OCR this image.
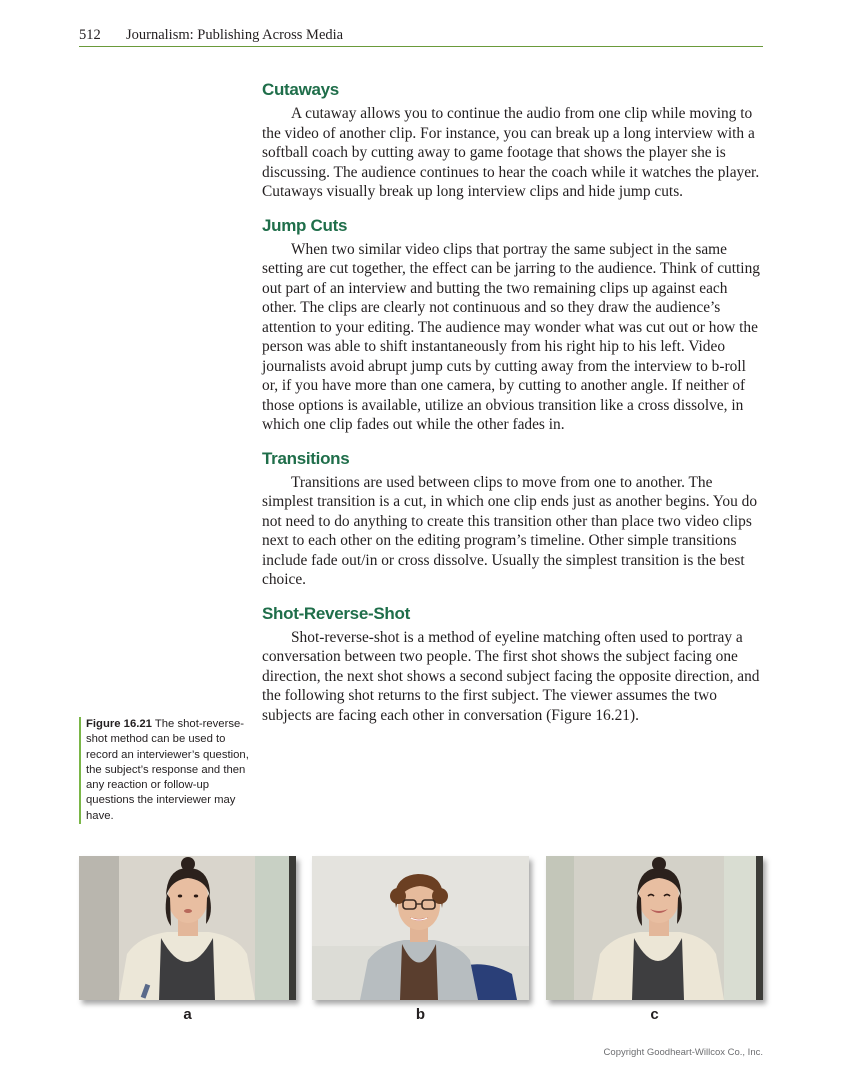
512 Journalism: Publishing Across Media
Cutaways

A cutaway allows you to continue the audio from one clip while moving to the video of another clip. For instance, you can break up a long interview with a softball coach by cutting away to game footage that shows the player she is discussing. The audience continues to hear the coach while it watches the player. Cutaways visually break up long interview clips and hide jump cuts.

Jump Cuts

When two similar video clips that portray the same subject in the same setting are cut together, the effect can be jarring to the audience. Think of cutting out part of an interview and butting the two remaining clips up against each other. The clips are clearly not continuous and so they draw the audience’s attention to your editing. The audience may wonder what was cut out or how the person was able to shift instantaneously from his right hip to his left. Video journalists avoid abrupt jump cuts by cutting away from the interview to b-roll or, if you have more than one camera, by cutting to another angle. If neither of those options is available, utilize an obvious transition like a cross dissolve, in which one clip fades out while the other fades in.

Transitions

Transitions are used between clips to move from one to another. The simplest transition is a cut, in which one clip ends just as another begins. You do not need to do anything to create this transition other than place two video clips next to each other on the editing program’s timeline. Other simple transitions include fade out/in or cross dissolve. Usually the simplest transition is the best choice.

Shot-Reverse-Shot

Shot-reverse-shot is a method of eyeline matching often used to portray a conversation between two people. The first shot shows the subject facing one direction, the next shot shows a second subject facing the opposite direction, and the following shot returns to the first subject. The viewer assumes the two subjects are facing each other in conversation (Figure 16.21).

Figure 16.21 The shot-reverse-shot method can be used to record an interviewer’s question, the subject’s response and then any reaction or follow-up questions the interviewer may have.
a	b	c
Copyright Goodheart-Willcox Co., Inc.
